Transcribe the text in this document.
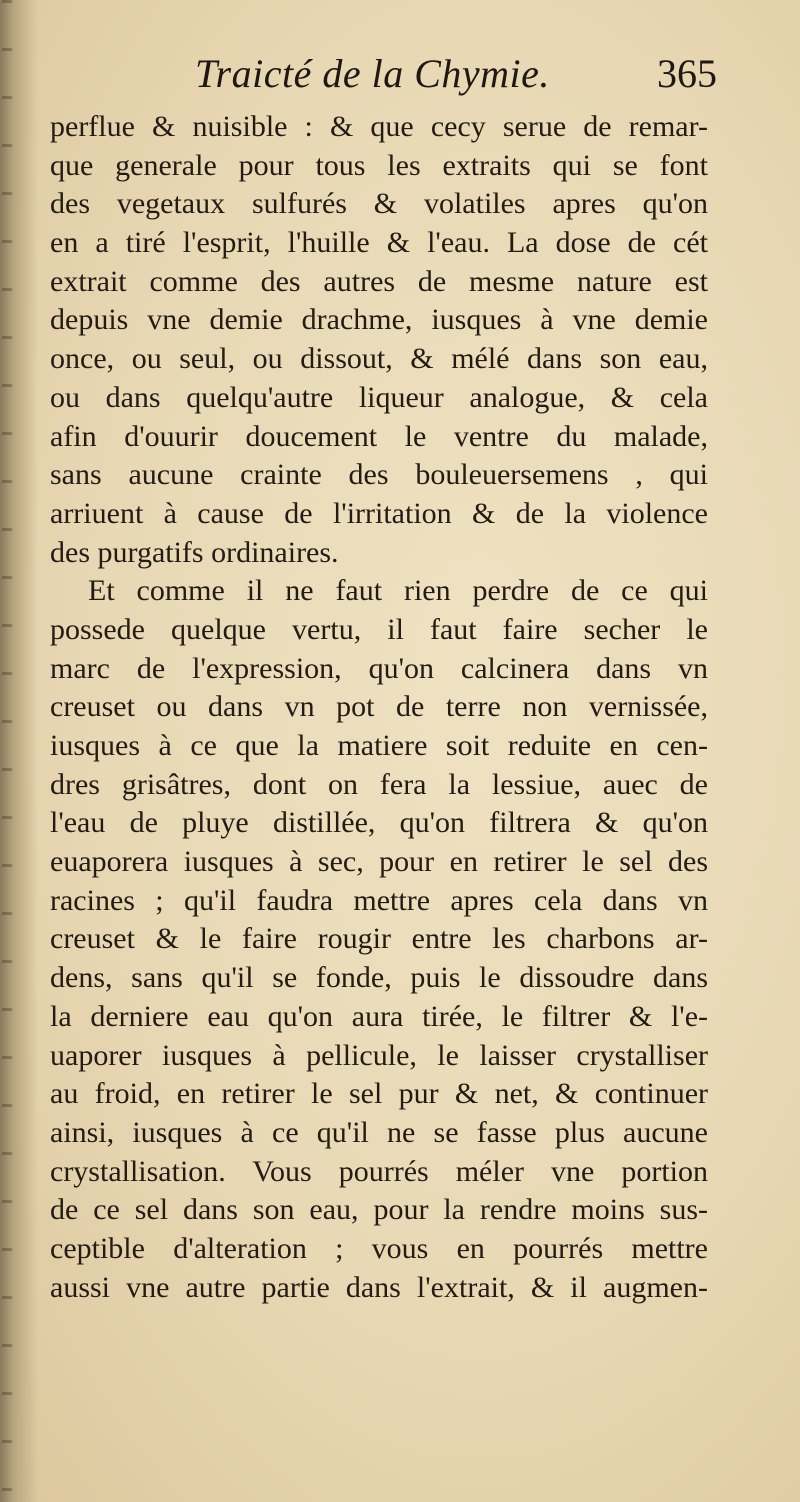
Traicté de la Chymie.	365
perflue & nuisible : & que cecy serue de remar-
que generale pour tous les extraits qui se font
des vegetaux sulfurés & volatiles apres qu'on
en a tiré l'esprit, l'huille & l'eau. La dose de cét
extrait comme des autres de mesme nature est
depuis vne demie drachme, iusques à vne demie
once, ou seul, ou dissout, & mélé dans son eau,
ou dans quelqu'autre liqueur analogue, & cela
afin d'ouurir doucement le ventre du malade,
sans aucune crainte des bouleuersemens , qui
arriuent à cause de l'irritation & de la violence
des purgatifs ordinaires.
Et comme il ne faut rien perdre de ce qui
possede quelque vertu, il faut faire secher le
marc de l'expression, qu'on calcinera dans vn
creuset ou dans vn pot de terre non vernissée,
iusques à ce que la matiere soit reduite en cen-
dres grisâtres, dont on fera la lessiue, auec de
l'eau de pluye distillée, qu'on filtrera & qu'on
euaporera iusques à sec, pour en retirer le sel des
racines ; qu'il faudra mettre apres cela dans vn
creuset & le faire rougir entre les charbons ar-
dens, sans qu'il se fonde, puis le dissoudre dans
la derniere eau qu'on aura tirée, le filtrer & l'e-
uaporer iusques à pellicule, le laisser crystalliser
au froid, en retirer le sel pur & net, & continuer
ainsi, iusques à ce qu'il ne se fasse plus aucune
crystallisation. Vous pourrés méler vne portion
de ce sel dans son eau, pour la rendre moins sus-
ceptible d'alteration ; vous en pourrés mettre
aussi vne autre partie dans l'extrait, & il augmen-
